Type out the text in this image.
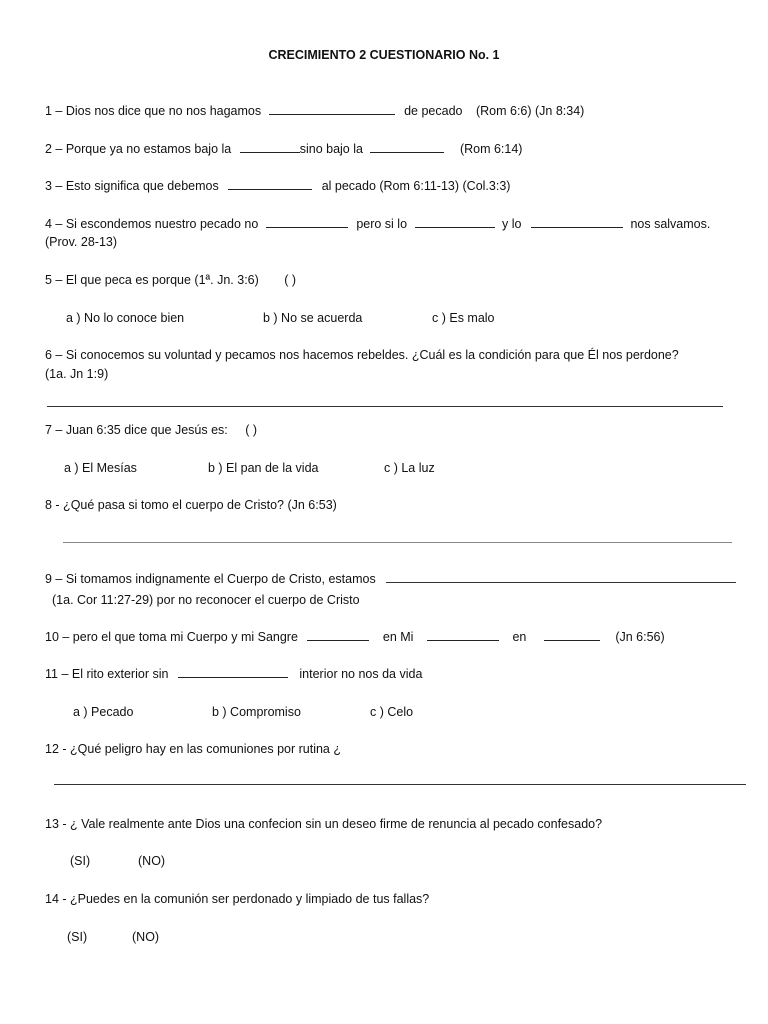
CRECIMIENTO 2 CUESTIONARIO No. 1
1 – Dios nos dice que no nos hagamos	de pecado (Rom 6:6) (Jn 8:34)
2 – Porque ya no estamos bajo la	sino bajo la	(Rom 6:14)
3 – Esto significa que debemos	al pecado (Rom 6:11-13) (Col.3:3)
4 – Si escondemos nuestro pecado no	pero si lo	y lo	nos salvamos.
(Prov. 28-13)
5 – El que peca es porque (1ª. Jn. 3:6) ( )
a ) No lo conoce bien	b ) No se acuerda	c ) Es malo
6 – Si conocemos su voluntad y pecamos nos hacemos rebeldes. ¿Cuál es la condición para que Él nos perdone?
(1a. Jn 1:9)
7 – Juan 6:35 dice que Jesús es: ( )
a ) El Mesías	b ) El pan de la vida	c ) La luz
8 - ¿Qué pasa si tomo el cuerpo de Cristo? (Jn 6:53)
9 – Si tomamos indignamente el Cuerpo de Cristo, estamos
(1a. Cor 11:27-29) por no reconocer el cuerpo de Cristo
10 – pero el que toma mi Cuerpo y mi Sangre	en Mi	en	(Jn 6:56)
11 – El rito exterior sin	interior no nos da vida
a ) Pecado	b ) Compromiso	c ) Celo
12 - ¿Qué peligro hay en las comuniones por rutina ¿
13 - ¿ Vale realmente ante Dios una confecion sin un deseo firme de renuncia al pecado confesado?
(SI)	(NO)
14 - ¿Puedes en la comunión ser perdonado y limpiado de tus fallas?
(SI)	(NO)
